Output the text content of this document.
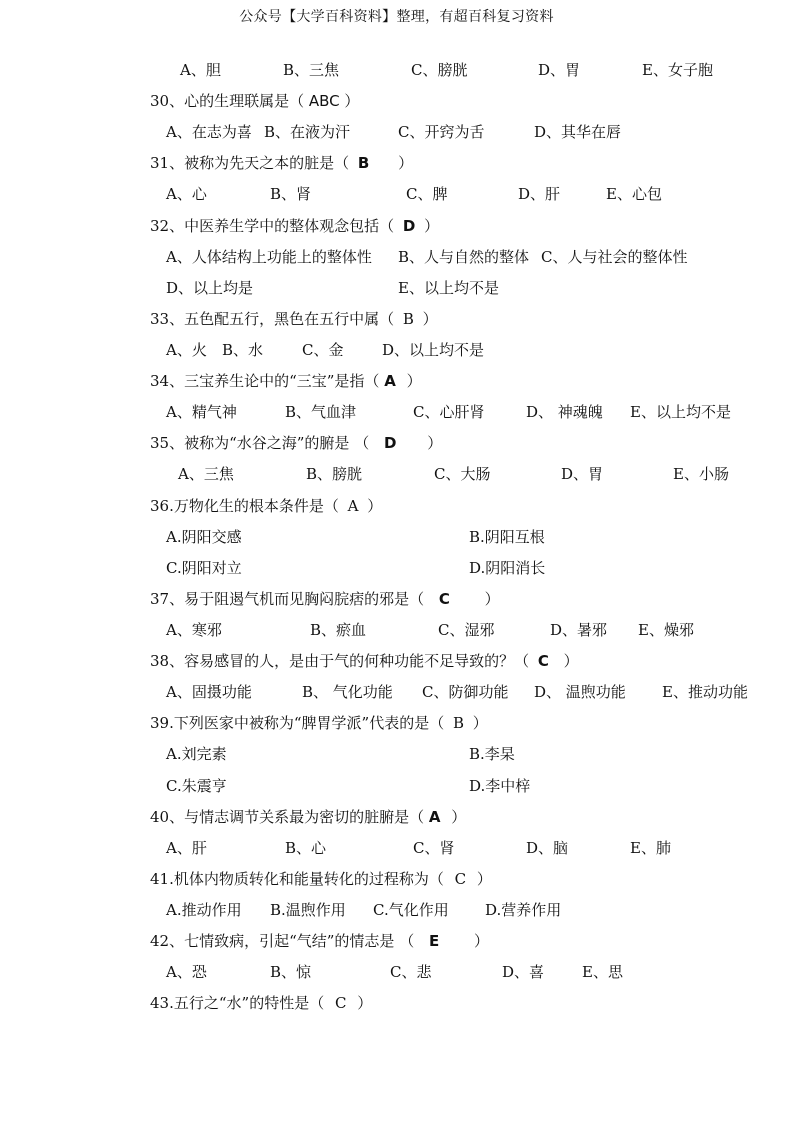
公众号【大学百科资料】整理，有超百科复习资料
A、胆	B、三焦	C、膀胱	D、胃	E、女子胞
30、心的生理联属是（ ABC ）
A、在志为喜 B、在液为汗	C、开窍为舌	D、其华在唇
31、被称为先天之本的脏是（ B ）
A、心	B、肾	C、脾	D、肝	E、心包
32、中医养生学中的整体观念包括（ D ）
A、人体结构上功能上的整体性 B、人与自然的整体 C、人与社会的整体性
D、以上均是	E、以上均不是
33、五色配五行，黑色在五行中属（ B ）
A、火 B、水	C、金	D、以上均不是
34、三宝养生论中的“三宝”是指（ A ）
A、精气神	B、气血津	C、心肝肾	D、 神魂魄 E、以上均不是
35、被称为“水谷之海”的腑是 （ D ）
A、三焦	B、膀胱	C、大肠	D、胃	E、小肠
36.万物化生的根本条件是（ A ）
A.阴阳交感	B.阴阳互根
C.阴阳对立	D.阴阳消长
37、易于阻遏气机而见胸闷脘痞的邪是（ C ）
A、寒邪	B、瘀血	C、湿邪	D、暑邪 E、燥邪
38、容易感冒的人，是由于气的何种功能不足导致的？（ C ）
A、固摄功能	B、 气化功能 C、防御功能 D、 温煦功能 E、推动功能
39.下列医家中被称为“脾胃学派”代表的是（ B ）
A.刘完素	B.李杲
C.朱震亨	D.李中梓
40、与情志调节关系最为密切的脏腑是（ A ）
A、肝	B、心	C、肾	D、脑	E、肺
41.机体内物质转化和能量转化的过程称为（ C ）
A.推动作用 B.温煦作用 C.气化作用 D.营养作用
42、七情致病，引起“气结”的情志是 （ E ）
A、恐	B、惊	C、悲	D、喜	E、思
43.五行之“水”的特性是（ C ）
